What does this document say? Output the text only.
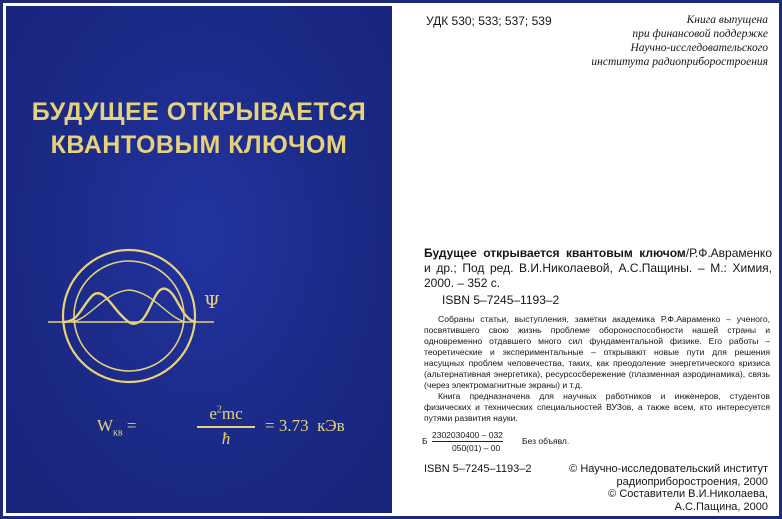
БУДУЩЕЕ ОТКРЫВАЕТСЯ
КВАНТОВЫМ КЛЮЧОМ
Ψ
$W_{кв}$ =
$e^2mc$
ħ
= 3.73 кЭв
УДК 530; 533; 537; 539	Книга выпущена
при финансовой поддержке
Научно-исследовательского
института радиоприборостроения
Будущее открывается квантовым ключом/Р.Ф.Авраменко и др.; Под ред. В.И.Николаевой, А.С.Пащины. – М.: Химия, 2000. – 352 с.
ISBN 5–7245–1193–2

Собраны статьи, выступления, заметки академика Р.Ф.Авраменко – ученого, посвятившего свою жизнь проблеме обороноспособности нашей страны и одновременно отдавшего много сил фундаментальной физике. Его работы – теоретические и экспериментальные – открывают новые пути для решения насущных проблем человечества, таких, как преодоление энергетического кризиса (альтернативная энергетика), ресурсосбережение (плазменная аэродинамика), связь (через электромагнитные экраны) и т.д.

Книга предназначена для научных работников и инженеров, студентов физических и технических специальностей ВУЗов, а также всем, кто интересуется путями развития науки.

Б
2302030400 – 032
050(01) – 00
Без объявл.
ISBN 5–7245–1193–2	© Научно-исследовательский институт
радиоприборостроения, 2000
© Составители В.И.Николаева,
А.С.Пащина, 2000
